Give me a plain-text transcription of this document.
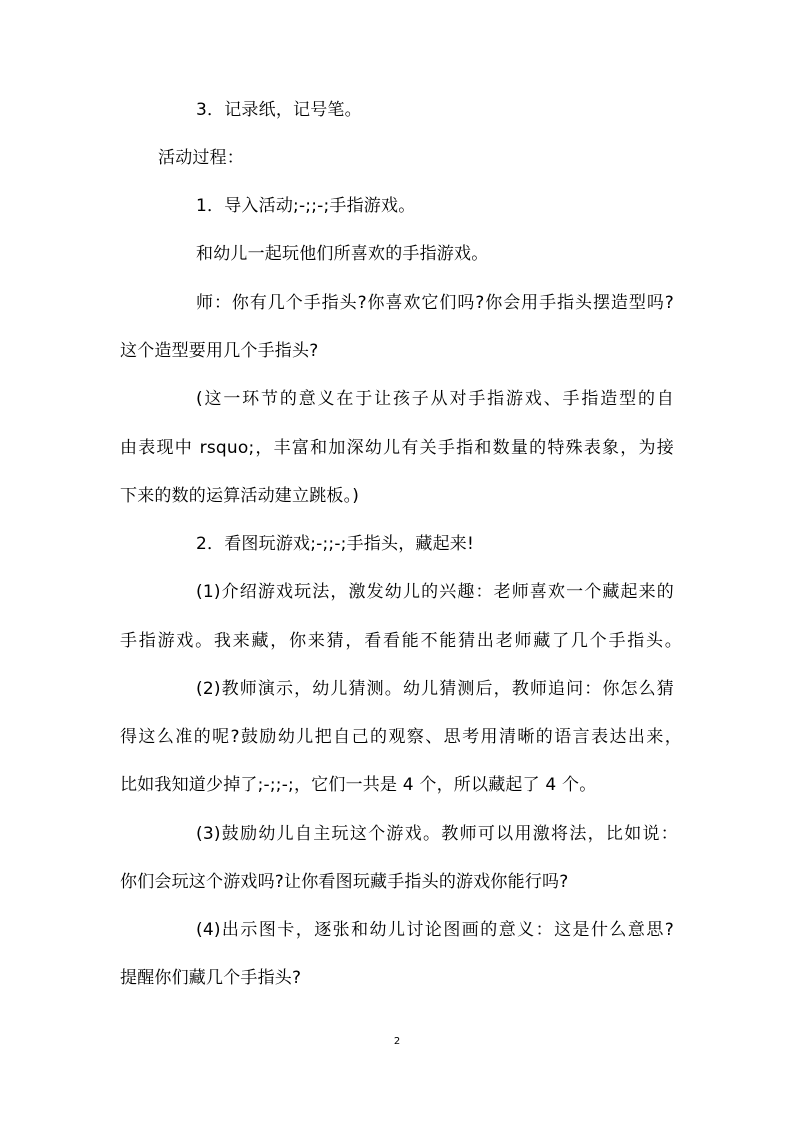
3．记录纸，记号笔。
活动过程：
1．导入活动;-;;-;手指游戏。
和幼儿一起玩他们所喜欢的手指游戏。
师：你有几个手指头?你喜欢它们吗?你会用手指头摆造型吗?
这个造型要用几个手指头?
(这一环节的意义在于让孩子从对手指游戏、手指造型的自
由表现中 rsquo;，丰富和加深幼儿有关手指和数量的特殊表象，为接
下来的数的运算活动建立跳板。)
2．看图玩游戏;-;;-;手指头，藏起来!
(1)介绍游戏玩法，激发幼儿的兴趣：老师喜欢一个藏起来的
手指游戏。我来藏，你来猜，看看能不能猜出老师藏了几个手指头。
(2)教师演示，幼儿猜测。幼儿猜测后，教师追问：你怎么猜
得这么准的呢?鼓励幼儿把自己的观察、思考用清晰的语言表达出来，
比如我知道少掉了;-;;-;，它们一共是 4 个，所以藏起了 4 个。
(3)鼓励幼儿自主玩这个游戏。教师可以用激将法，比如说：
你们会玩这个游戏吗?让你看图玩藏手指头的游戏你能行吗?
(4)出示图卡，逐张和幼儿讨论图画的意义：这是什么意思?
提醒你们藏几个手指头?
2
